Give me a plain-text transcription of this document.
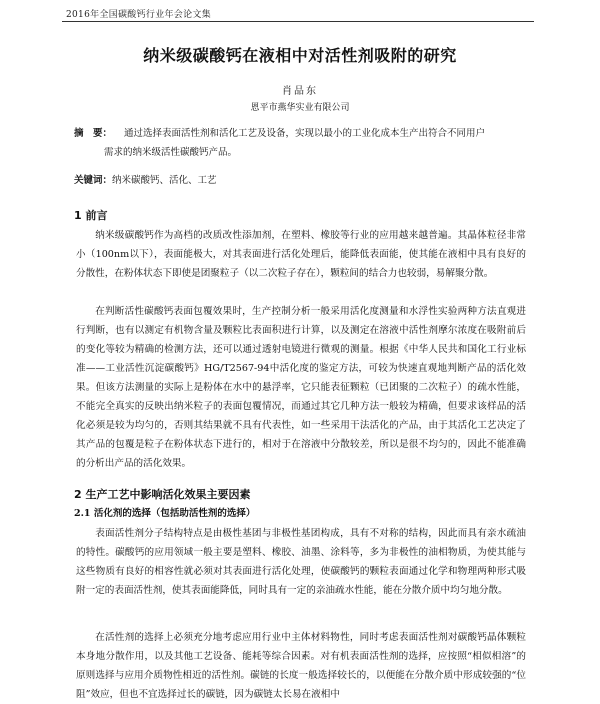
2016年全国碳酸钙行业年会论文集
纳米级碳酸钙在液相中对活性剂吸附的研究
肖品东
恩平市燕华实业有限公司
摘　要： 通过选择表面活性剂和活化工艺及设备，实现以最小的工业化成本生产出符合不同用户
需求的纳米级活性碳酸钙产品。
关键词：纳米碳酸钙、活化、工艺
1 前言
纳米级碳酸钙作为高档的改质改性添加剂，在塑料、橡胶等行业的应用越来越普遍。其晶体粒径非常小（100nm以下），表面能极大，对其表面进行活化处理后，能降低表面能，使其能在液相中具有良好的分散性，在粉体状态下即使是团聚粒子（以二次粒子存在），颗粒间的结合力也较弱，易解聚分散。
在判断活性碳酸钙表面包覆效果时，生产控制分析一般采用活化度测量和水浮性实验两种方法直观进行判断，也有以测定有机物含量及颗粒比表面积进行计算，以及测定在溶液中活性剂摩尔浓度在吸附前后的变化等较为精确的检测方法，还可以通过透射电镜进行微观的测量。根据《中华人民共和国化工行业标准——工业活性沉淀碳酸钙》HG/T2567-94中活化度的鉴定方法，可较为快速直观地判断产品的活化效果。但该方法测量的实际上是粉体在水中的悬浮率，它只能表征颗粒（已团聚的二次粒子）的疏水性能，不能完全真实的反映出纳米粒子的表面包覆情况，而通过其它几种方法一般较为精确，但要求该样品的活化必须是较为均匀的，否则其结果就不具有代表性，如一些采用干法活化的产品，由于其活化工艺决定了其产品的包覆是粒子在粉体状态下进行的，相对于在溶液中分散较差，所以是很不均匀的，因此不能准确的分析出产品的活化效果。
2 生产工艺中影响活化效果主要因素
2.1 活化剂的选择（包括助活性剂的选择）
表面活性剂分子结构特点是由极性基团与非极性基团构成，具有不对称的结构，因此而具有亲水疏油的特性。碳酸钙的应用领域一般主要是塑料、橡胶、油墨、涂料等，多为非极性的油相物质，为使其能与这些物质有良好的相容性就必须对其表面进行活化处理，使碳酸钙的颗粒表面通过化学和物理两种形式吸附一定的表面活性剂，使其表面能降低，同时具有一定的亲油疏水性能，能在分散介质中均匀地分散。
在活性剂的选择上必须充分地考虑应用行业中主体材料物性，同时考虑表面活性剂对碳酸钙晶体颗粒本身地分散作用，以及其他工艺设备、能耗等综合因素。对有机表面活性剂的选择，应按照“相似相溶”的原则选择与应用介质物性相近的活性剂。碳链的长度一般选择较长的，以便能在分散介质中形成较强的“位阻”效应，但也不宜选择过长的碳链，因为碳链太长易在液相中
